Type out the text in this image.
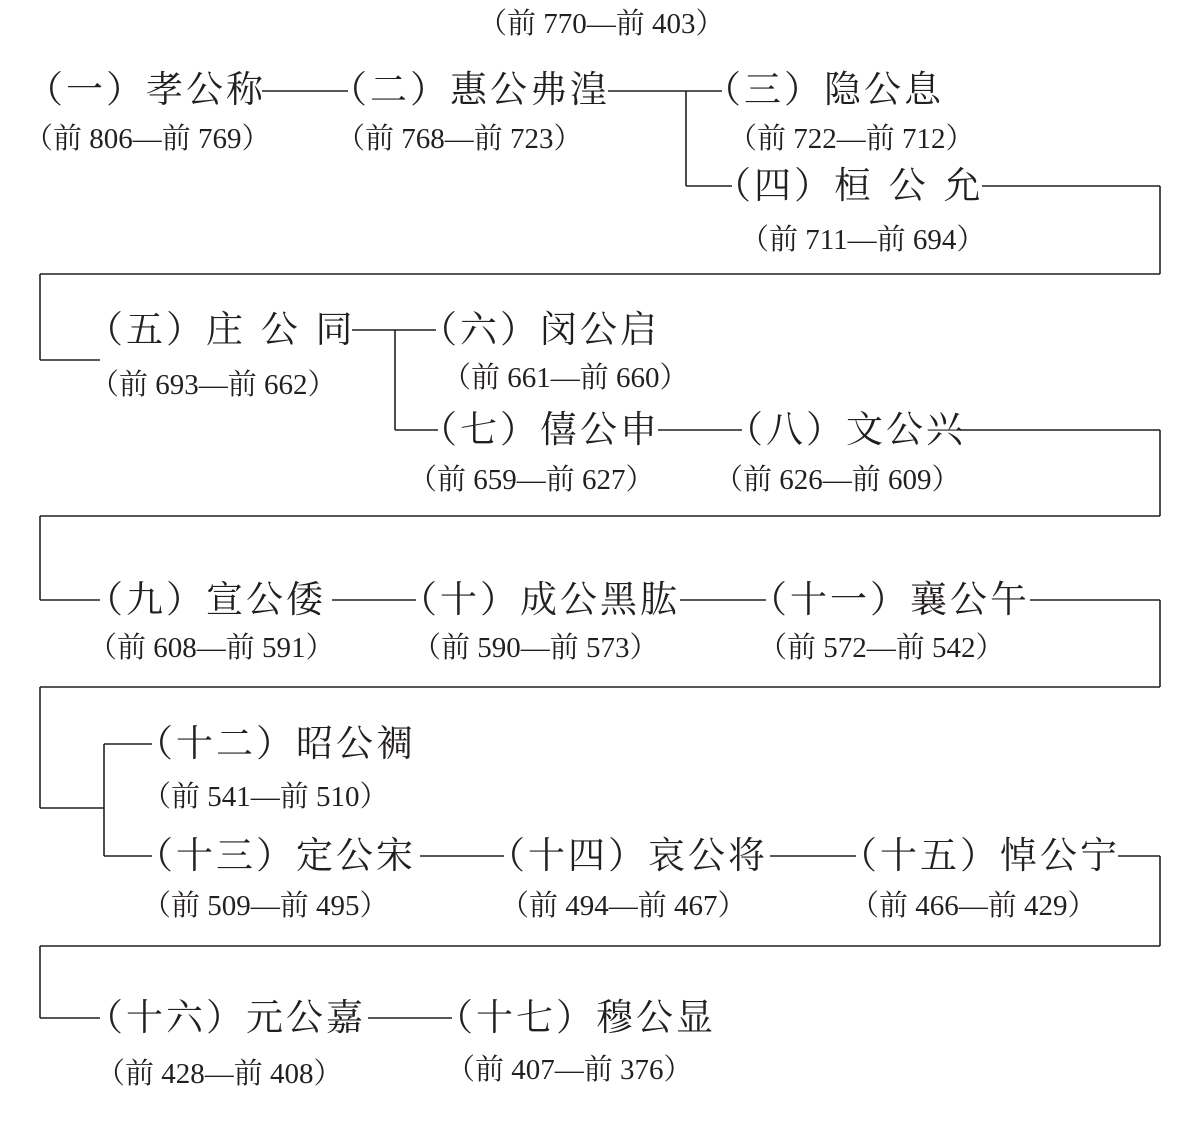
（前 770—前 403）
（一）孝公称
（前 806—前 769）
（二）惠公弗湟
（前 768—前 723）
（三）隐公息
（前 722—前 712）
（四）桓 公 允
（前 711—前 694）
（五）庄 公 同
（前 693—前 662）
（六）闵公启
（前 661—前 660）
（七）僖公申
（前 659—前 627）
（八）文公兴
（前 626—前 609）
（九）宣公倭
（前 608—前 591）
（十）成公黑肱
（前 590—前 573）
（十一）襄公午
（前 572—前 542）
（十二）昭公裯
（前 541—前 510）
（十三）定公宋
（前 509—前 495）
（十四）哀公将
（前 494—前 467）
（十五）悼公宁
（前 466—前 429）
（十六）元公嘉
（前 428—前 408）
（十七）穆公显
（前 407—前 376）
